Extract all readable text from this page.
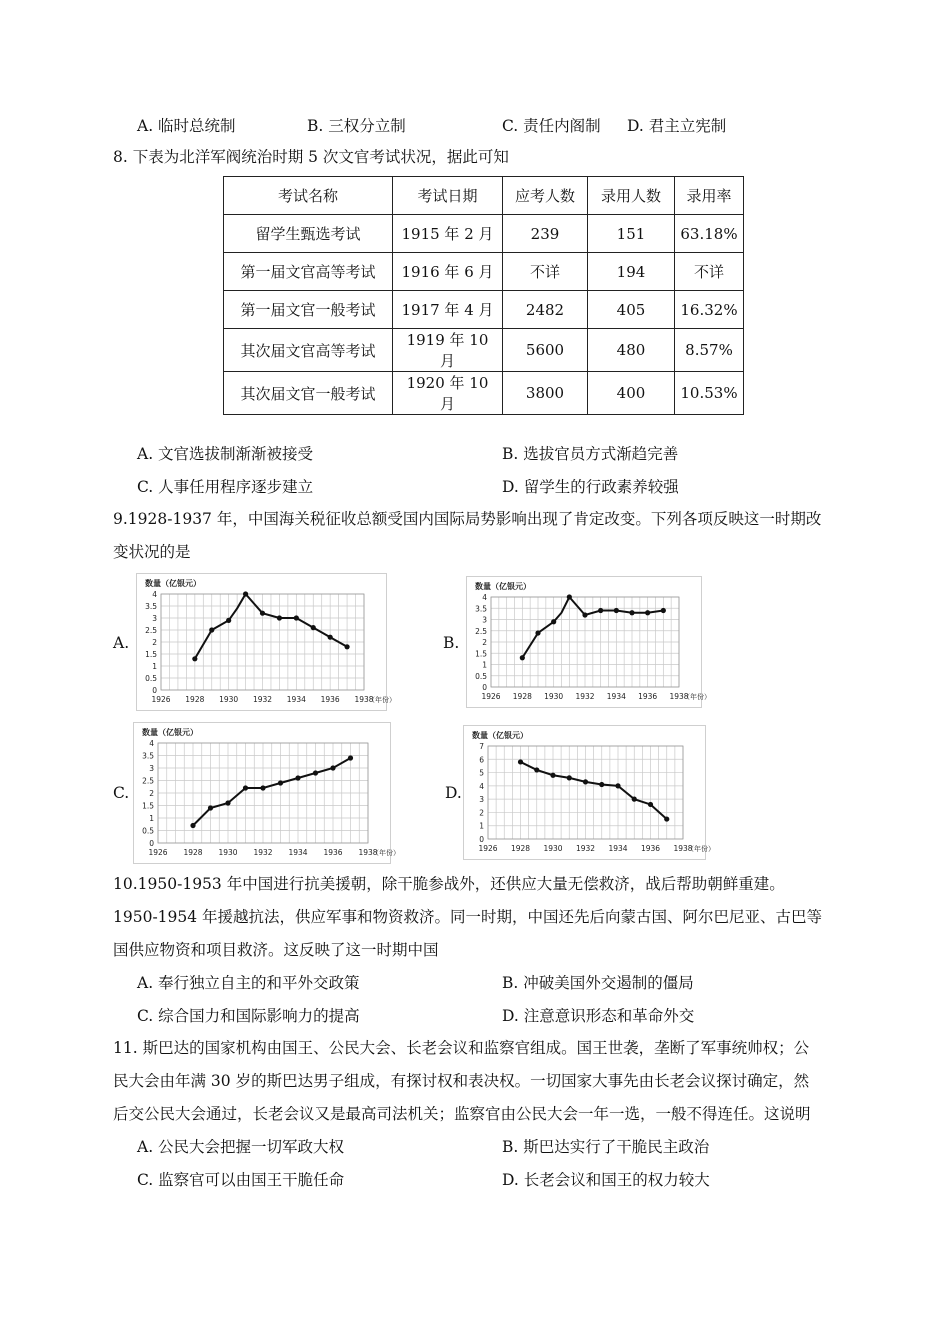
A. 临时总统制	B. 三权分立制	C. 责任内阁制 D. 君主立宪制
8. 下表为北洋军阀统治时期 5 次文官考试状况，据此可知
考试名称	考试日期	应考人数	录用人数	录用率
留学生甄选考试	1915 年 2 月	239	151	63.18%
第一届文官高等考试	1916 年 6 月	不详	194	不详
第一届文官一般考试	1917 年 4 月	2482	405	16.32%
其次届文官高等考试	1919 年 10 月	5600	480	8.57%
其次届文官一般考试	1920 年 10 月	3800	400	10.53%
A. 文官选拔制渐渐被接受	B. 选拔官员方式渐趋完善
C. 人事任用程序逐步建立	D. 留学生的行政素养较强
9.1928-1937 年，中国海关税征收总额受国内国际局势影响出现了肯定改变。下列各项反映这一时期改
变状况的是
A.	B.
C.	D.
数量（亿银元）
0
0.5
1
1.5
2
2.5
3
3.5
4
1926 1928 1930 1932 1934 1936 1938
（年份）
数量（亿银元）
0
0.5
1
1.5
2
2.5
3
3.5
4
1926 1928 1930 1932 1934 1936 1938
（年份）
数量（亿银元）
0
0.5
1
1.5
2
2.5
3
3.5
4
1926 1928 1930 1932 1934 1936 1938
（年份）
数量（亿银元）
0
1
2
3
4
5
6
7
1926 1928 1930 1932 1934 1936 1938
（年份）
10.1950-1953 年中国进行抗美援朝，除干脆参战外，还供应大量无偿救济，战后帮助朝鲜重建。
1950-1954 年援越抗法，供应军事和物资救济。同一时期，中国还先后向蒙古国、阿尔巴尼亚、古巴等
国供应物资和项目救济。这反映了这一时期中国
A. 奉行独立自主的和平外交政策	B. 冲破美国外交遏制的僵局
C. 综合国力和国际影响力的提高	D. 注意意识形态和革命外交
11. 斯巴达的国家机构由国王、公民大会、长老会议和监察官组成。国王世袭，垄断了军事统帅权；公
民大会由年满 30 岁的斯巴达男子组成，有探讨权和表决权。一切国家大事先由长老会议探讨确定，然
后交公民大会通过，长老会议又是最高司法机关；监察官由公民大会一年一选，一般不得连任。这说明
A. 公民大会把握一切军政大权	B. 斯巴达实行了干脆民主政治
C. 监察官可以由国王干脆任命	D. 长老会议和国王的权力较大
